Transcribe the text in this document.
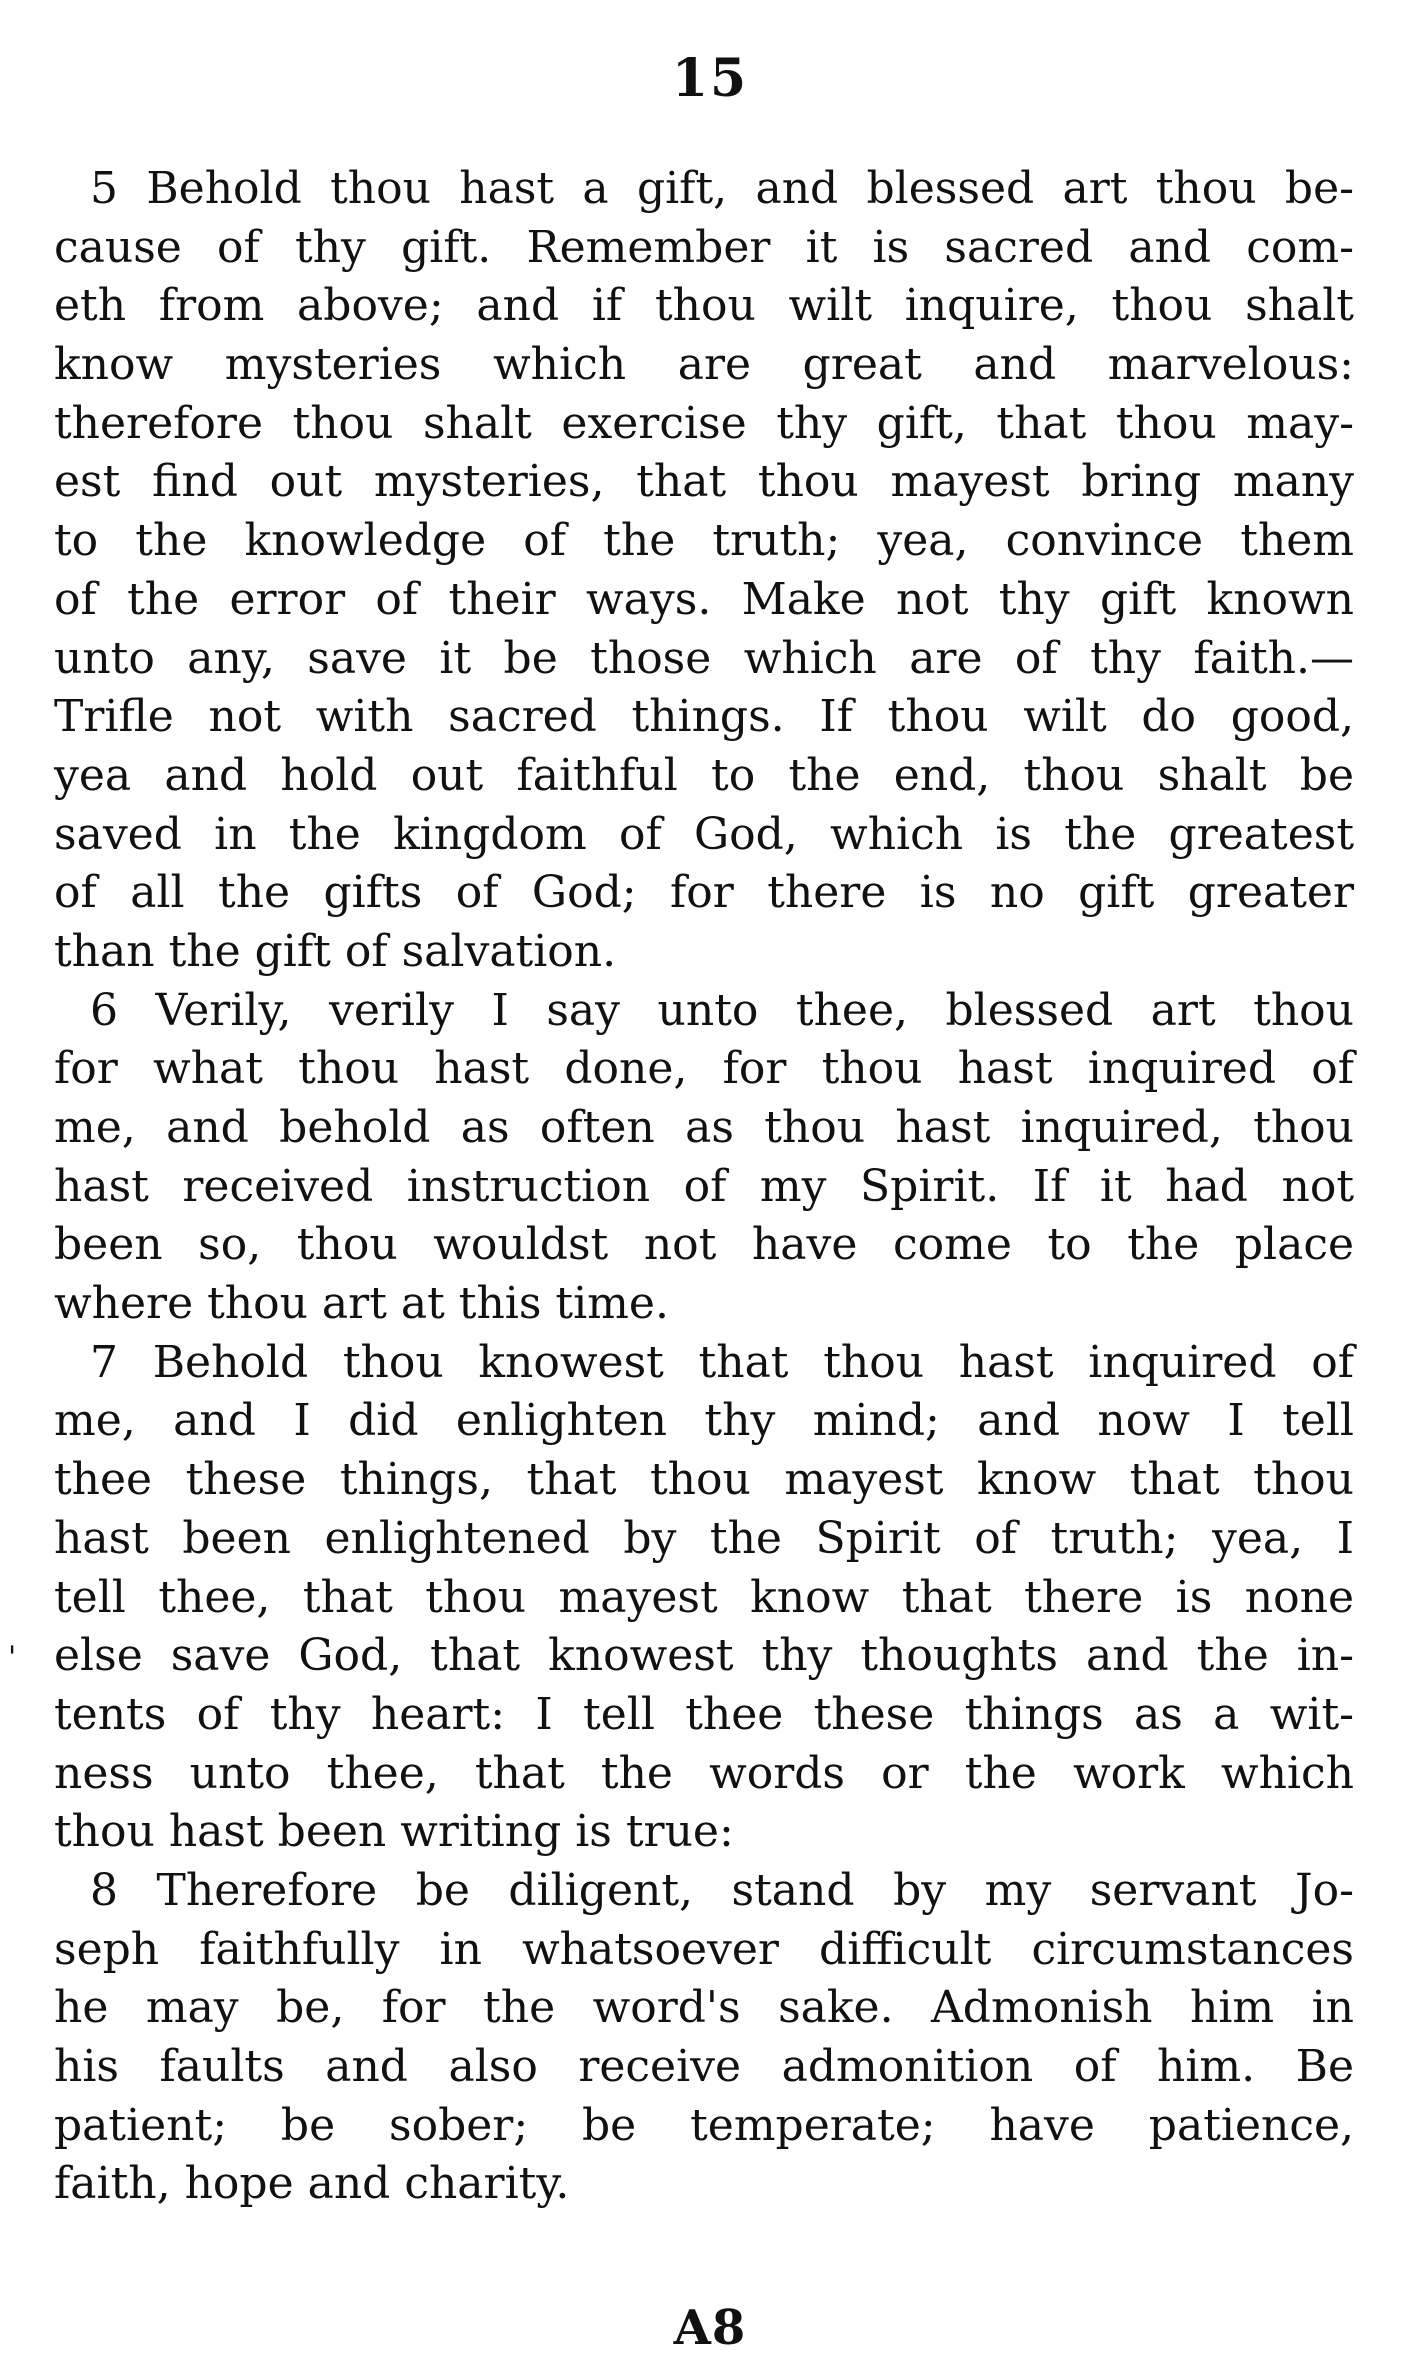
15
'
5 Behold thou hast a gift, and blessed art thou be-
cause of thy gift. Remember it is sacred and com-
eth from above; and if thou wilt inquire, thou shalt
know mysteries which are great and marvelous:
therefore thou shalt exercise thy gift, that thou may-
est find out mysteries, that thou mayest bring many
to the knowledge of the truth; yea, convince them
of the error of their ways. Make not thy gift known
unto any, save it be those which are of thy faith.—
Trifle not with sacred things. If thou wilt do good,
yea and hold out faithful to the end, thou shalt be
saved in the kingdom of God, which is the greatest
of all the gifts of God; for there is no gift greater
than the gift of salvation.
6 Verily, verily I say unto thee, blessed art thou
for what thou hast done, for thou hast inquired of
me, and behold as often as thou hast inquired, thou
hast received instruction of my Spirit. If it had not
been so, thou wouldst not have come to the place
where thou art at this time.
7 Behold thou knowest that thou hast inquired of
me, and I did enlighten thy mind; and now I tell
thee these things, that thou mayest know that thou
hast been enlightened by the Spirit of truth; yea, I
tell thee, that thou mayest know that there is none
else save God, that knowest thy thoughts and the in-
tents of thy heart: I tell thee these things as a wit-
ness unto thee, that the words or the work which
thou hast been writing is true:
8 Therefore be diligent, stand by my servant Jo-
seph faithfully in whatsoever difficult circumstances
he may be, for the word's sake. Admonish him in
his faults and also receive admonition of him. Be
patient; be sober; be temperate; have patience,
faith, hope and charity.
A8
